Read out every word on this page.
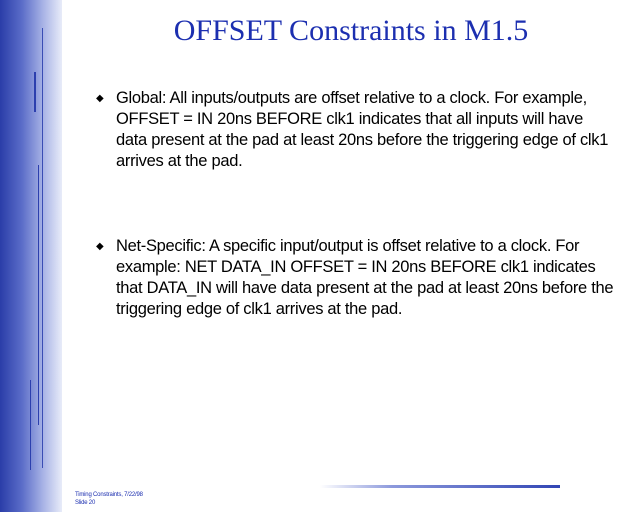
OFFSET Constraints in M1.5
◆ Global: All inputs/outputs are offset relative to a clock. For example, OFFSET = IN 20ns BEFORE clk1 indicates that all inputs will have data present at the pad at least 20ns before the triggering edge of clk1 arrives at the pad.
◆ Net-Specific: A specific input/output is offset relative to a clock. For example: NET DATA_IN OFFSET = IN 20ns BEFORE clk1 indicates that DATA_IN will have data present at the pad at least 20ns before the triggering edge of clk1 arrives at the pad.
Timing Constraints, 7/22/98
Slide 20
